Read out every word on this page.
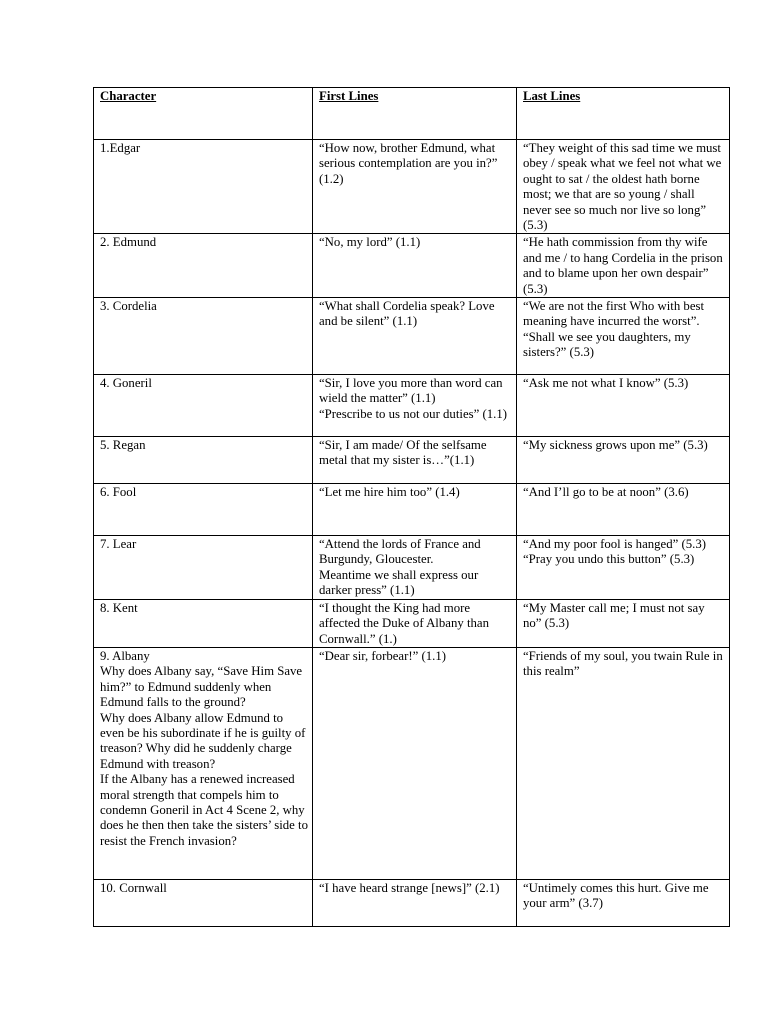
Character	First Lines	Last Lines

1.Edgar	“How now, brother Edmund, what serious contemplation are you in?” (1.2)	“They weight of this sad time we must obey / speak what we feel not what we ought to sat / the oldest hath borne most; we that are so young / shall never see so much nor live so long” (5.3)

2. Edmund	“No, my lord” (1.1)	“He hath commission from thy wife and me / to hang Cordelia in the prison and to blame upon her own despair” (5.3)

3. Cordelia	“What shall Cordelia speak? Love and be silent” (1.1)	“We are not the first Who with best meaning have incurred the worst”. “Shall we see you daughters, my sisters?” (5.3)

4. Goneril	“Sir, I love you more than word can wield the matter” (1.1)
“Prescribe to us not our duties” (1.1)	“Ask me not what I know” (5.3)

5. Regan	“Sir, I am made/ Of the selfsame metal that my sister is…”(1.1)	“My sickness grows upon me” (5.3)

6. Fool	“Let me hire him too” (1.4)	“And I’ll go to be at noon” (3.6)

7. Lear	“Attend the lords of France and Burgundy, Gloucester.
Meantime we shall express our darker press” (1.1)	“And my poor fool is hanged” (5.3)
“Pray you undo this button” (5.3)

8. Kent	“I thought the King had more affected the Duke of Albany than Cornwall.” (1.)	“My Master call me; I must not say no” (5.3)

9. Albany
Why does Albany say, “Save Him Save him?” to Edmund suddenly when Edmund falls to the ground?
Why does Albany allow Edmund to even be his subordinate if he is guilty of treason? Why did he suddenly charge Edmund with treason?
If the Albany has a renewed increased moral strength that compels him to condemn Goneril in Act 4 Scene 2, why does he then then take the sisters’ side to resist the French invasion?	“Dear sir, forbear!” (1.1)	“Friends of my soul, you twain Rule in this realm”

10. Cornwall	“I have heard strange [news]” (2.1)	“Untimely comes this hurt. Give me your arm” (3.7)
